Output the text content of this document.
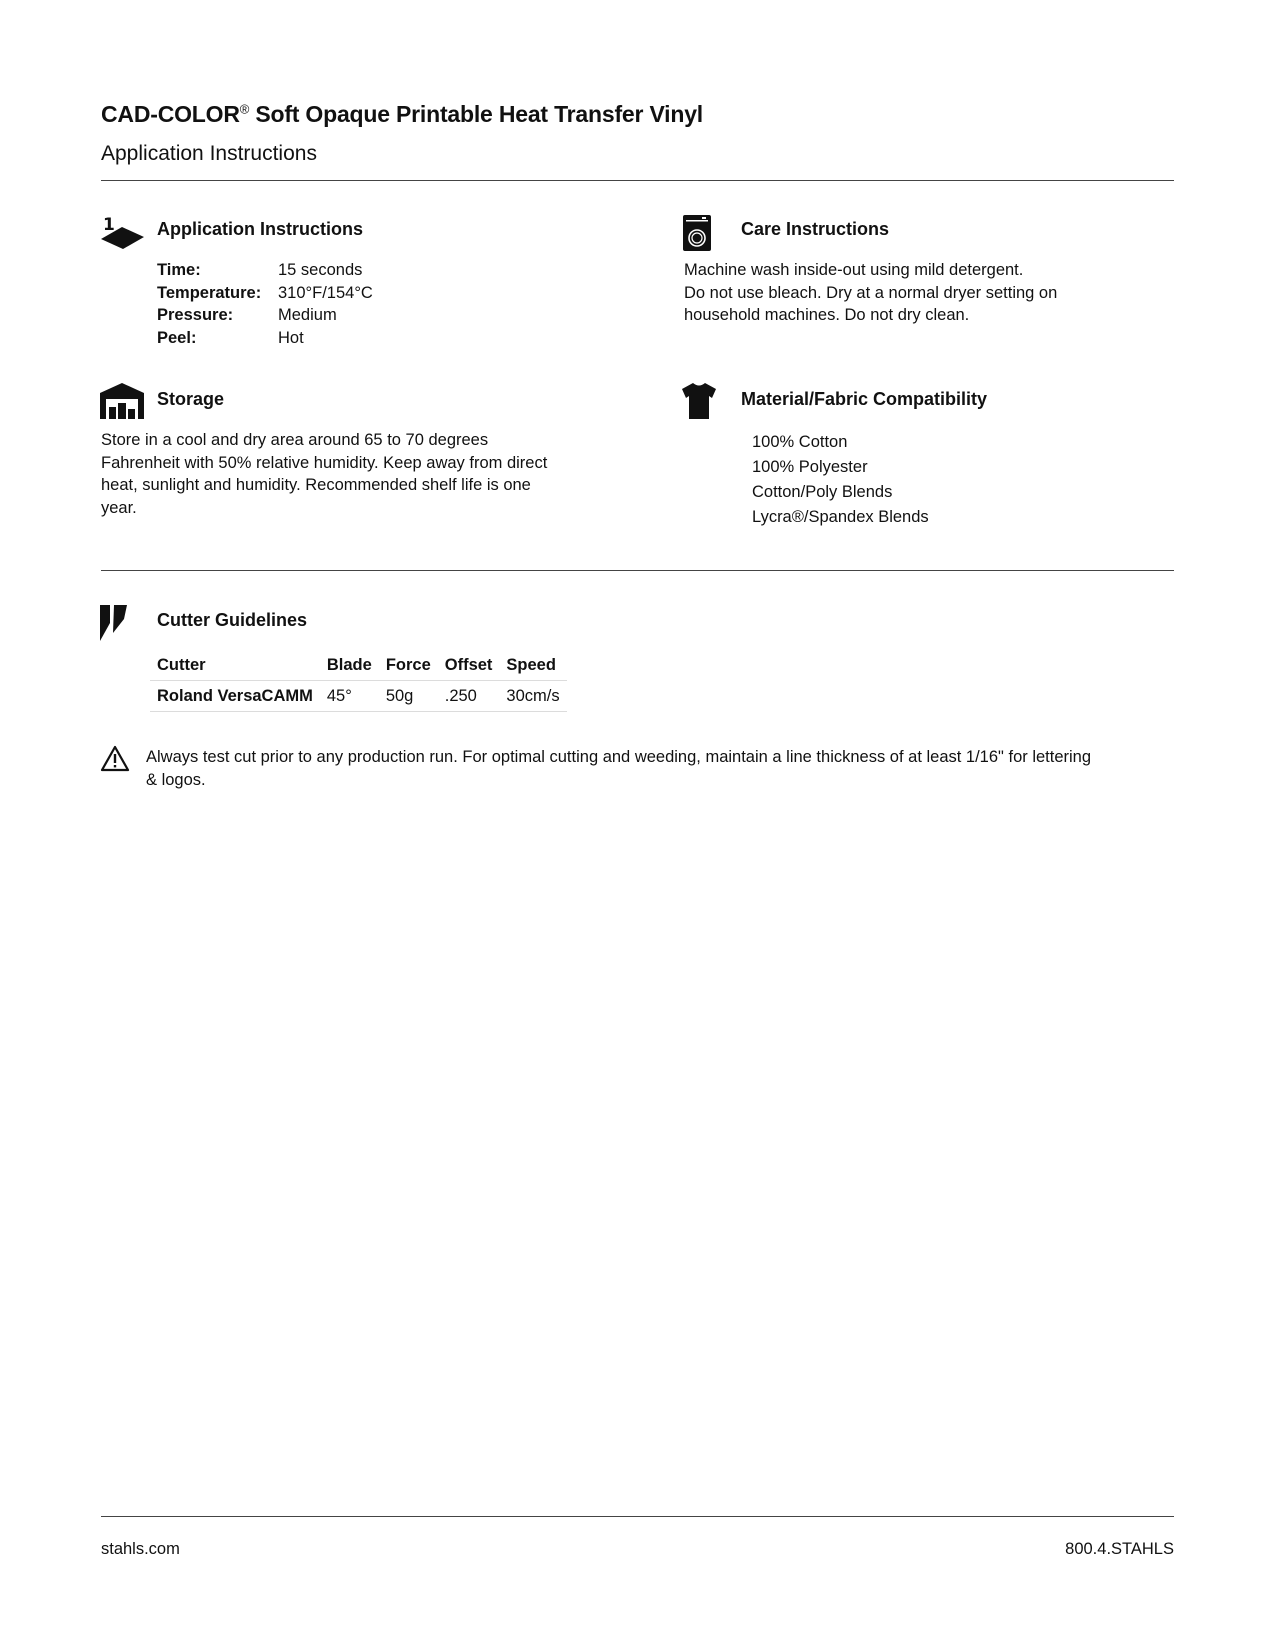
CAD-COLOR® Soft Opaque Printable Heat Transfer Vinyl
Application Instructions
1 Application Instructions
Time:	15 seconds
Temperature:	310°F/154°C
Pressure:	Medium
Peel:	Hot
Care Instructions
Machine wash inside-out using mild detergent.
Do not use bleach. Dry at a normal dryer setting on
household machines. Do not dry clean.
Storage
Store in a cool and dry area around 65 to 70 degrees
Fahrenheit with 50% relative humidity. Keep away from direct
heat, sunlight and humidity. Recommended shelf life is one
year.
Material/Fabric Compatibility
100% Cotton
100% Polyester
Cotton/Poly Blends
Lycra®/Spandex Blends
Cutter Guidelines
Cutter	Blade	Force	Offset	Speed
Roland VersaCAMM	45°	50g	.250	30cm/s
Always test cut prior to any production run. For optimal cutting and weeding, maintain a line thickness of at least 1/16" for lettering
& logos.
stahls.com	800.4.STAHLS
